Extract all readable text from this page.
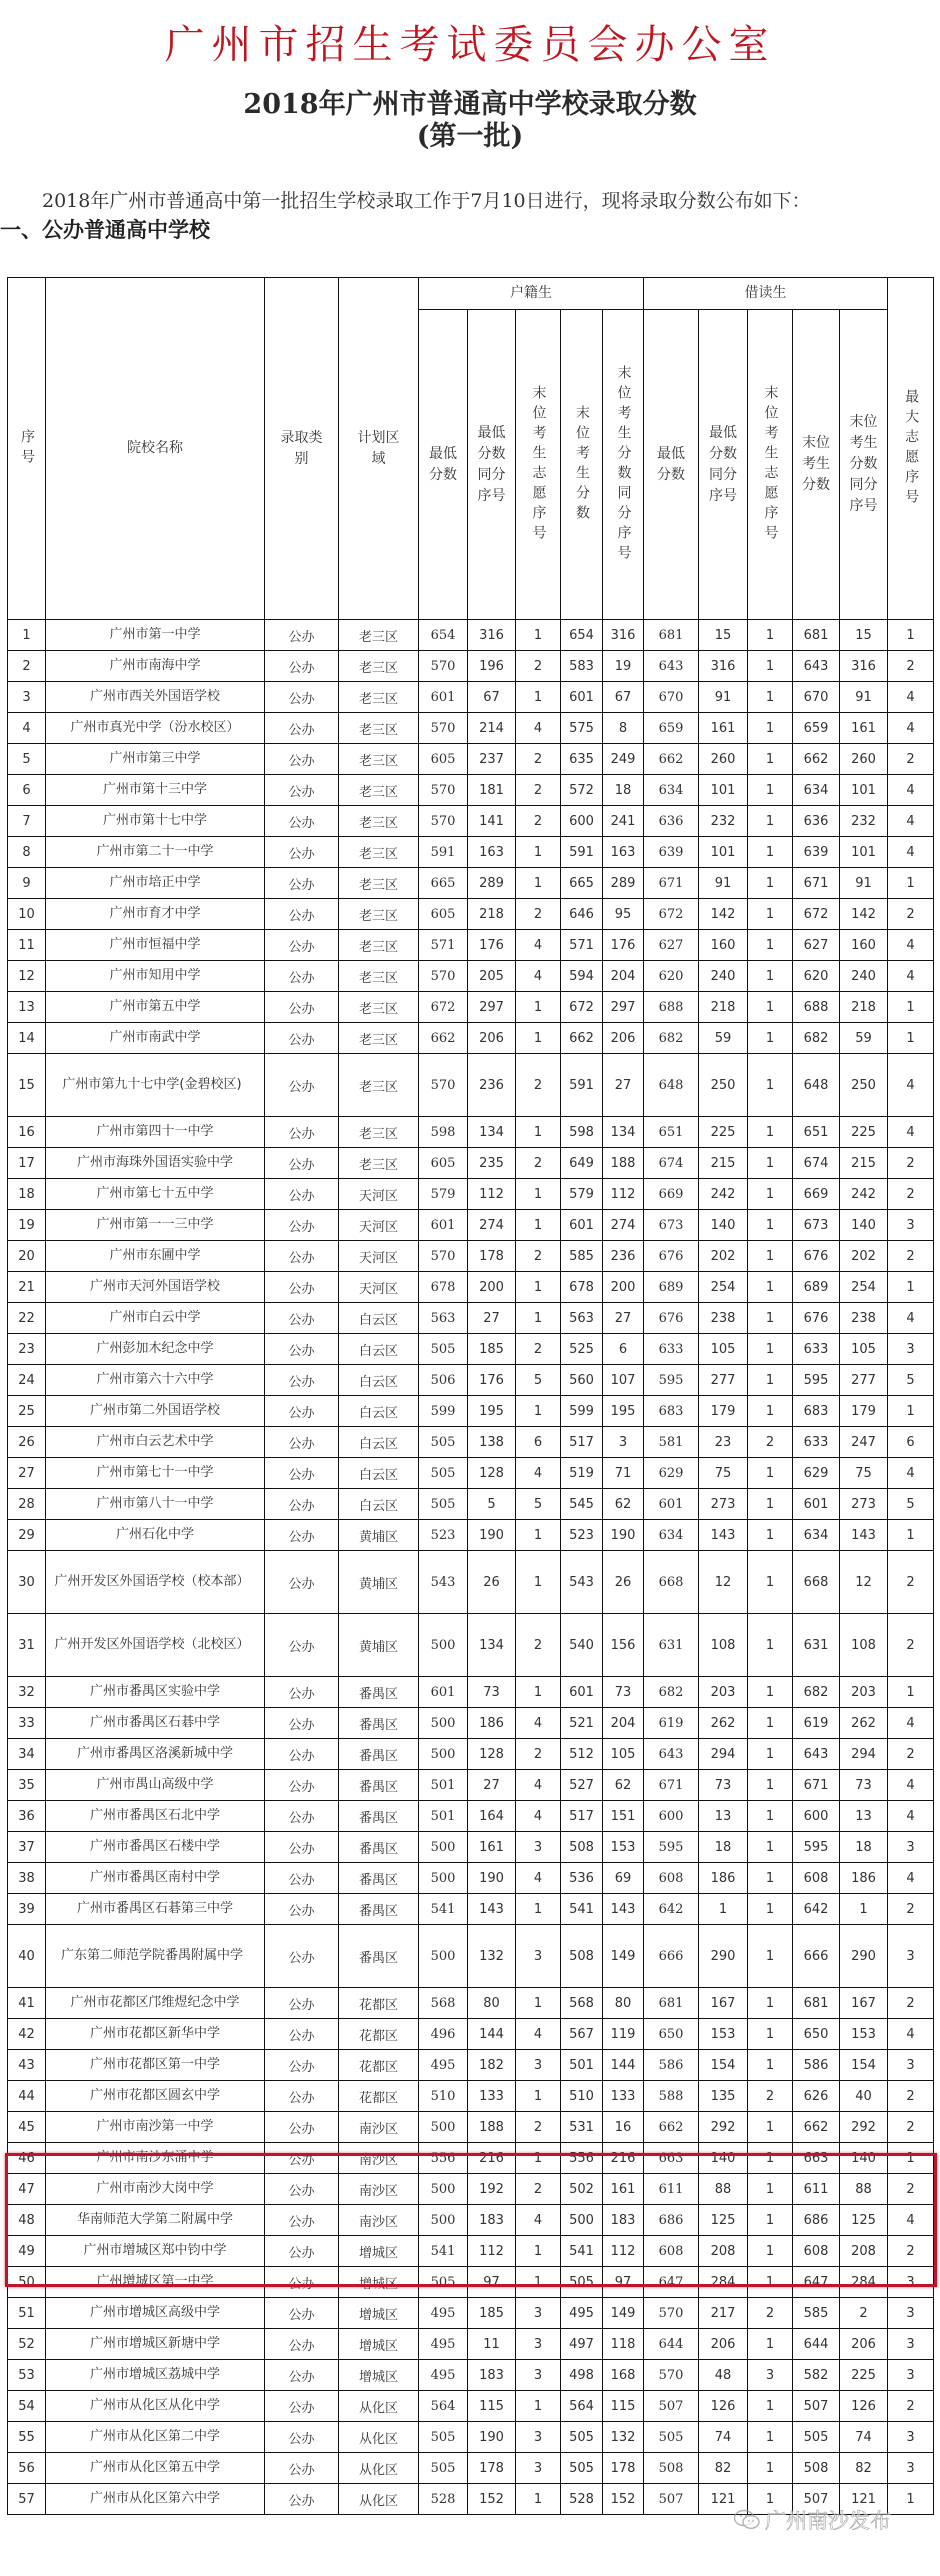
广州市招生考试委员会办公室
2018年广州市普通高中学校录取分数
(第一批)
2018年广州市普通高中第一批招生学校录取工作于7月10日进行，现将录取分数公布如下：
一、公办普通高中学校
序号	院校名称	录取类别	计划区域	户籍生					借读生					最大志愿序号
				最低分数	最低分数同分序号	末位考生志愿序号	末位考生分数	末位考生分数同分序号	最低分数	最低分数同分序号	末位考生志愿序号	末位考生分数	末位考生分数同分序号	
1	广州市第一中学	公办	老三区	654	316	1	654	316	681	15	1	681	15	1
2	广州市南海中学	公办	老三区	570	196	2	583	19	643	316	1	643	316	2
3	广州市西关外国语学校	公办	老三区	601	67	1	601	67	670	91	1	670	91	4
4	广州市真光中学（汾水校区）	公办	老三区	570	214	4	575	8	659	161	1	659	161	4
5	广州市第三中学	公办	老三区	605	237	2	635	249	662	260	1	662	260	2
6	广州市第十三中学	公办	老三区	570	181	2	572	18	634	101	1	634	101	4
7	广州市第十七中学	公办	老三区	570	141	2	600	241	636	232	1	636	232	4
8	广州市第二十一中学	公办	老三区	591	163	1	591	163	639	101	1	639	101	4
9	广州市培正中学	公办	老三区	665	289	1	665	289	671	91	1	671	91	1
10	广州市育才中学	公办	老三区	605	218	2	646	95	672	142	1	672	142	2
11	广州市恒福中学	公办	老三区	571	176	4	571	176	627	160	1	627	160	4
12	广州市知用中学	公办	老三区	570	205	4	594	204	620	240	1	620	240	4
13	广州市第五中学	公办	老三区	672	297	1	672	297	688	218	1	688	218	1
14	广州市南武中学	公办	老三区	662	206	1	662	206	682	59	1	682	59	1
15	广州市第九十七中学(金碧校区)	公办	老三区	570	236	2	591	27	648	250	1	648	250	4
16	广州市第四十一中学	公办	老三区	598	134	1	598	134	651	225	1	651	225	4
17	广州市海珠外国语实验中学	公办	老三区	605	235	2	649	188	674	215	1	674	215	2
18	广州市第七十五中学	公办	天河区	579	112	1	579	112	669	242	1	669	242	2
19	广州市第一一三中学	公办	天河区	601	274	1	601	274	673	140	1	673	140	3
20	广州市东圃中学	公办	天河区	570	178	2	585	236	676	202	1	676	202	2
21	广州市天河外国语学校	公办	天河区	678	200	1	678	200	689	254	1	689	254	1
22	广州市白云中学	公办	白云区	563	27	1	563	27	676	238	1	676	238	4
23	广州彭加木纪念中学	公办	白云区	505	185	2	525	6	633	105	1	633	105	3
24	广州市第六十六中学	公办	白云区	506	176	5	560	107	595	277	1	595	277	5
25	广州市第二外国语学校	公办	白云区	599	195	1	599	195	683	179	1	683	179	1
26	广州市白云艺术中学	公办	白云区	505	138	6	517	3	581	23	2	633	247	6
27	广州市第七十一中学	公办	白云区	505	128	4	519	71	629	75	1	629	75	4
28	广州市第八十一中学	公办	白云区	505	5	5	545	62	601	273	1	601	273	5
29	广州石化中学	公办	黄埔区	523	190	1	523	190	634	143	1	634	143	1
30	广州开发区外国语学校（校本部）	公办	黄埔区	543	26	1	543	26	668	12	1	668	12	2
31	广州开发区外国语学校（北校区）	公办	黄埔区	500	134	2	540	156	631	108	1	631	108	2
32	广州市番禺区实验中学	公办	番禺区	601	73	1	601	73	682	203	1	682	203	1
33	广州市番禺区石碁中学	公办	番禺区	500	186	4	521	204	619	262	1	619	262	4
34	广州市番禺区洛溪新城中学	公办	番禺区	500	128	2	512	105	643	294	1	643	294	2
35	广州市禺山高级中学	公办	番禺区	501	27	4	527	62	671	73	1	671	73	4
36	广州市番禺区石北中学	公办	番禺区	501	164	4	517	151	600	13	1	600	13	4
37	广州市番禺区石楼中学	公办	番禺区	500	161	3	508	153	595	18	1	595	18	3
38	广州市番禺区南村中学	公办	番禺区	500	190	4	536	69	608	186	1	608	186	4
39	广州市番禺区石碁第三中学	公办	番禺区	541	143	1	541	143	642	1	1	642	1	2
40	广东第二师范学院番禺附属中学	公办	番禺区	500	132	3	508	149	666	290	1	666	290	3
41	广州市花都区邝维煜纪念中学	公办	花都区	568	80	1	568	80	681	167	1	681	167	2
42	广州市花都区新华中学	公办	花都区	496	144	4	567	119	650	153	1	650	153	4
43	广州市花都区第一中学	公办	花都区	495	182	3	501	144	586	154	1	586	154	3
44	广州市花都区圆玄中学	公办	花都区	510	133	1	510	133	588	135	2	626	40	2
45	广州市南沙第一中学	公办	南沙区	500	188	2	531	16	662	292	1	662	292	2
46	广州市南沙东涌中学	公办	南沙区	556	216	1	556	216	663	140	1	663	140	1
47	广州市南沙大岗中学	公办	南沙区	500	192	2	502	161	611	88	1	611	88	2
48	华南师范大学第二附属中学	公办	南沙区	500	183	4	500	183	686	125	1	686	125	4
49	广州市增城区郑中钧中学	公办	增城区	541	112	1	541	112	608	208	1	608	208	2
50	广州增城区第一中学	公办	增城区	505	97	1	505	97	647	284	1	647	284	3
51	广州市增城区高级中学	公办	增城区	495	185	3	495	149	570	217	2	585	2	3
52	广州市增城区新塘中学	公办	增城区	495	11	3	497	118	644	206	1	644	206	3
53	广州市增城区荔城中学	公办	增城区	495	183	3	498	168	570	48	3	582	225	3
54	广州市从化区从化中学	公办	从化区	564	115	1	564	115	507	126	1	507	126	2
55	广州市从化区第二中学	公办	从化区	505	190	3	505	132	505	74	1	505	74	3
56	广州市从化区第五中学	公办	从化区	505	178	3	505	178	508	82	1	508	82	3
57	广州市从化区第六中学	公办	从化区	528	152	1	528	152	507	121	1	507	121	1
广州南沙发布
